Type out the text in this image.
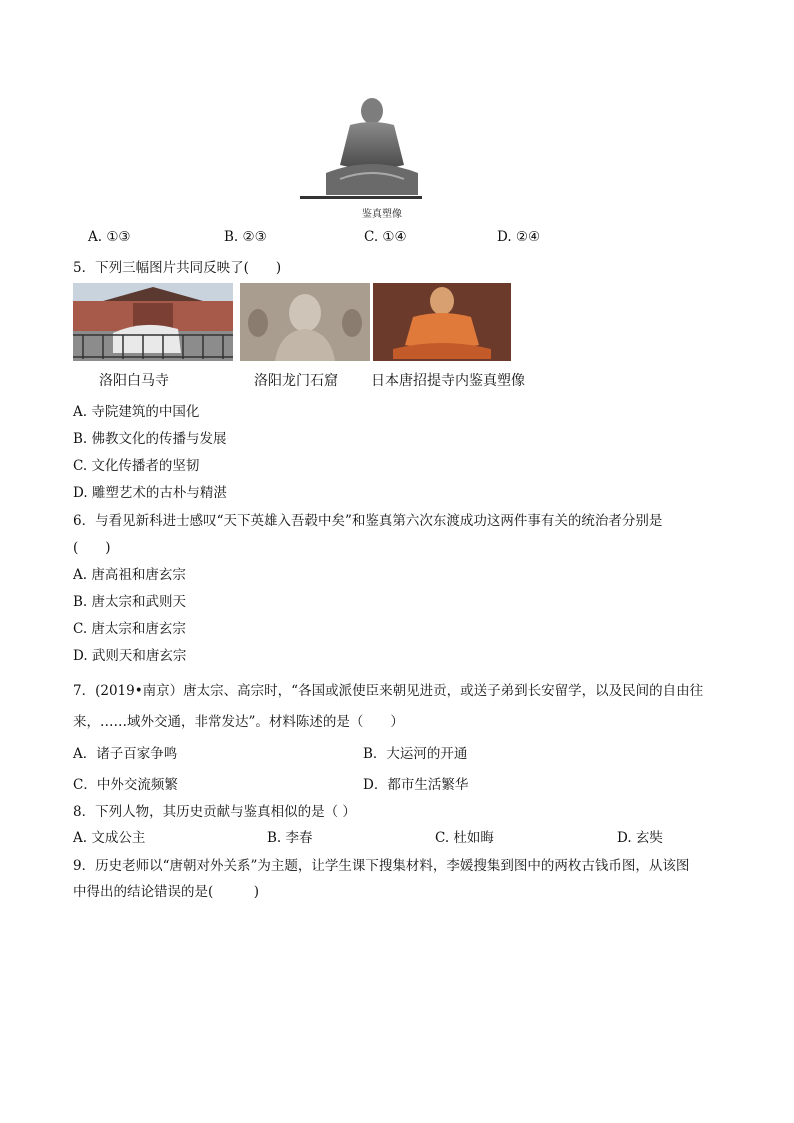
鉴真塑像
A. ①③	B. ②③	C. ①④	D. ②④
5．下列三幅图片共同反映了(　　)
洛阳白马寺	洛阳龙门石窟 日本唐招提寺内鉴真塑像
A. 寺院建筑的中国化
B. 佛教文化的传播与发展
C. 文化传播者的坚韧
D. 雕塑艺术的古朴与精湛
6．与看见新科进士感叹“天下英雄入吾毂中矣”和鉴真第六次东渡成功这两件事有关的统治者分别是
(　　)
A. 唐高祖和唐玄宗
B. 唐太宗和武则天
C. 唐太宗和唐玄宗
D. 武则天和唐玄宗
7．(2019•南京）唐太宗、高宗时，“各国或派使臣来朝见进贡，或送子弟到长安留学，以及民间的自由往
来，……域外交通，非常发达”。材料陈述的是（　　）
A．诸子百家争鸣	B．大运河的开通
C．中外交流频繁	D．都市生活繁华
8．下列人物，其历史贡献与鉴真相似的是（ ）
A. 文成公主	B. 李春	C. 杜如晦	D. 玄奘
9．历史老师以“唐朝对外关系”为主题，让学生课下搜集材料，李媛搜集到图中的两枚古钱币图，从该图
中得出的结论错误的是(　　　)
